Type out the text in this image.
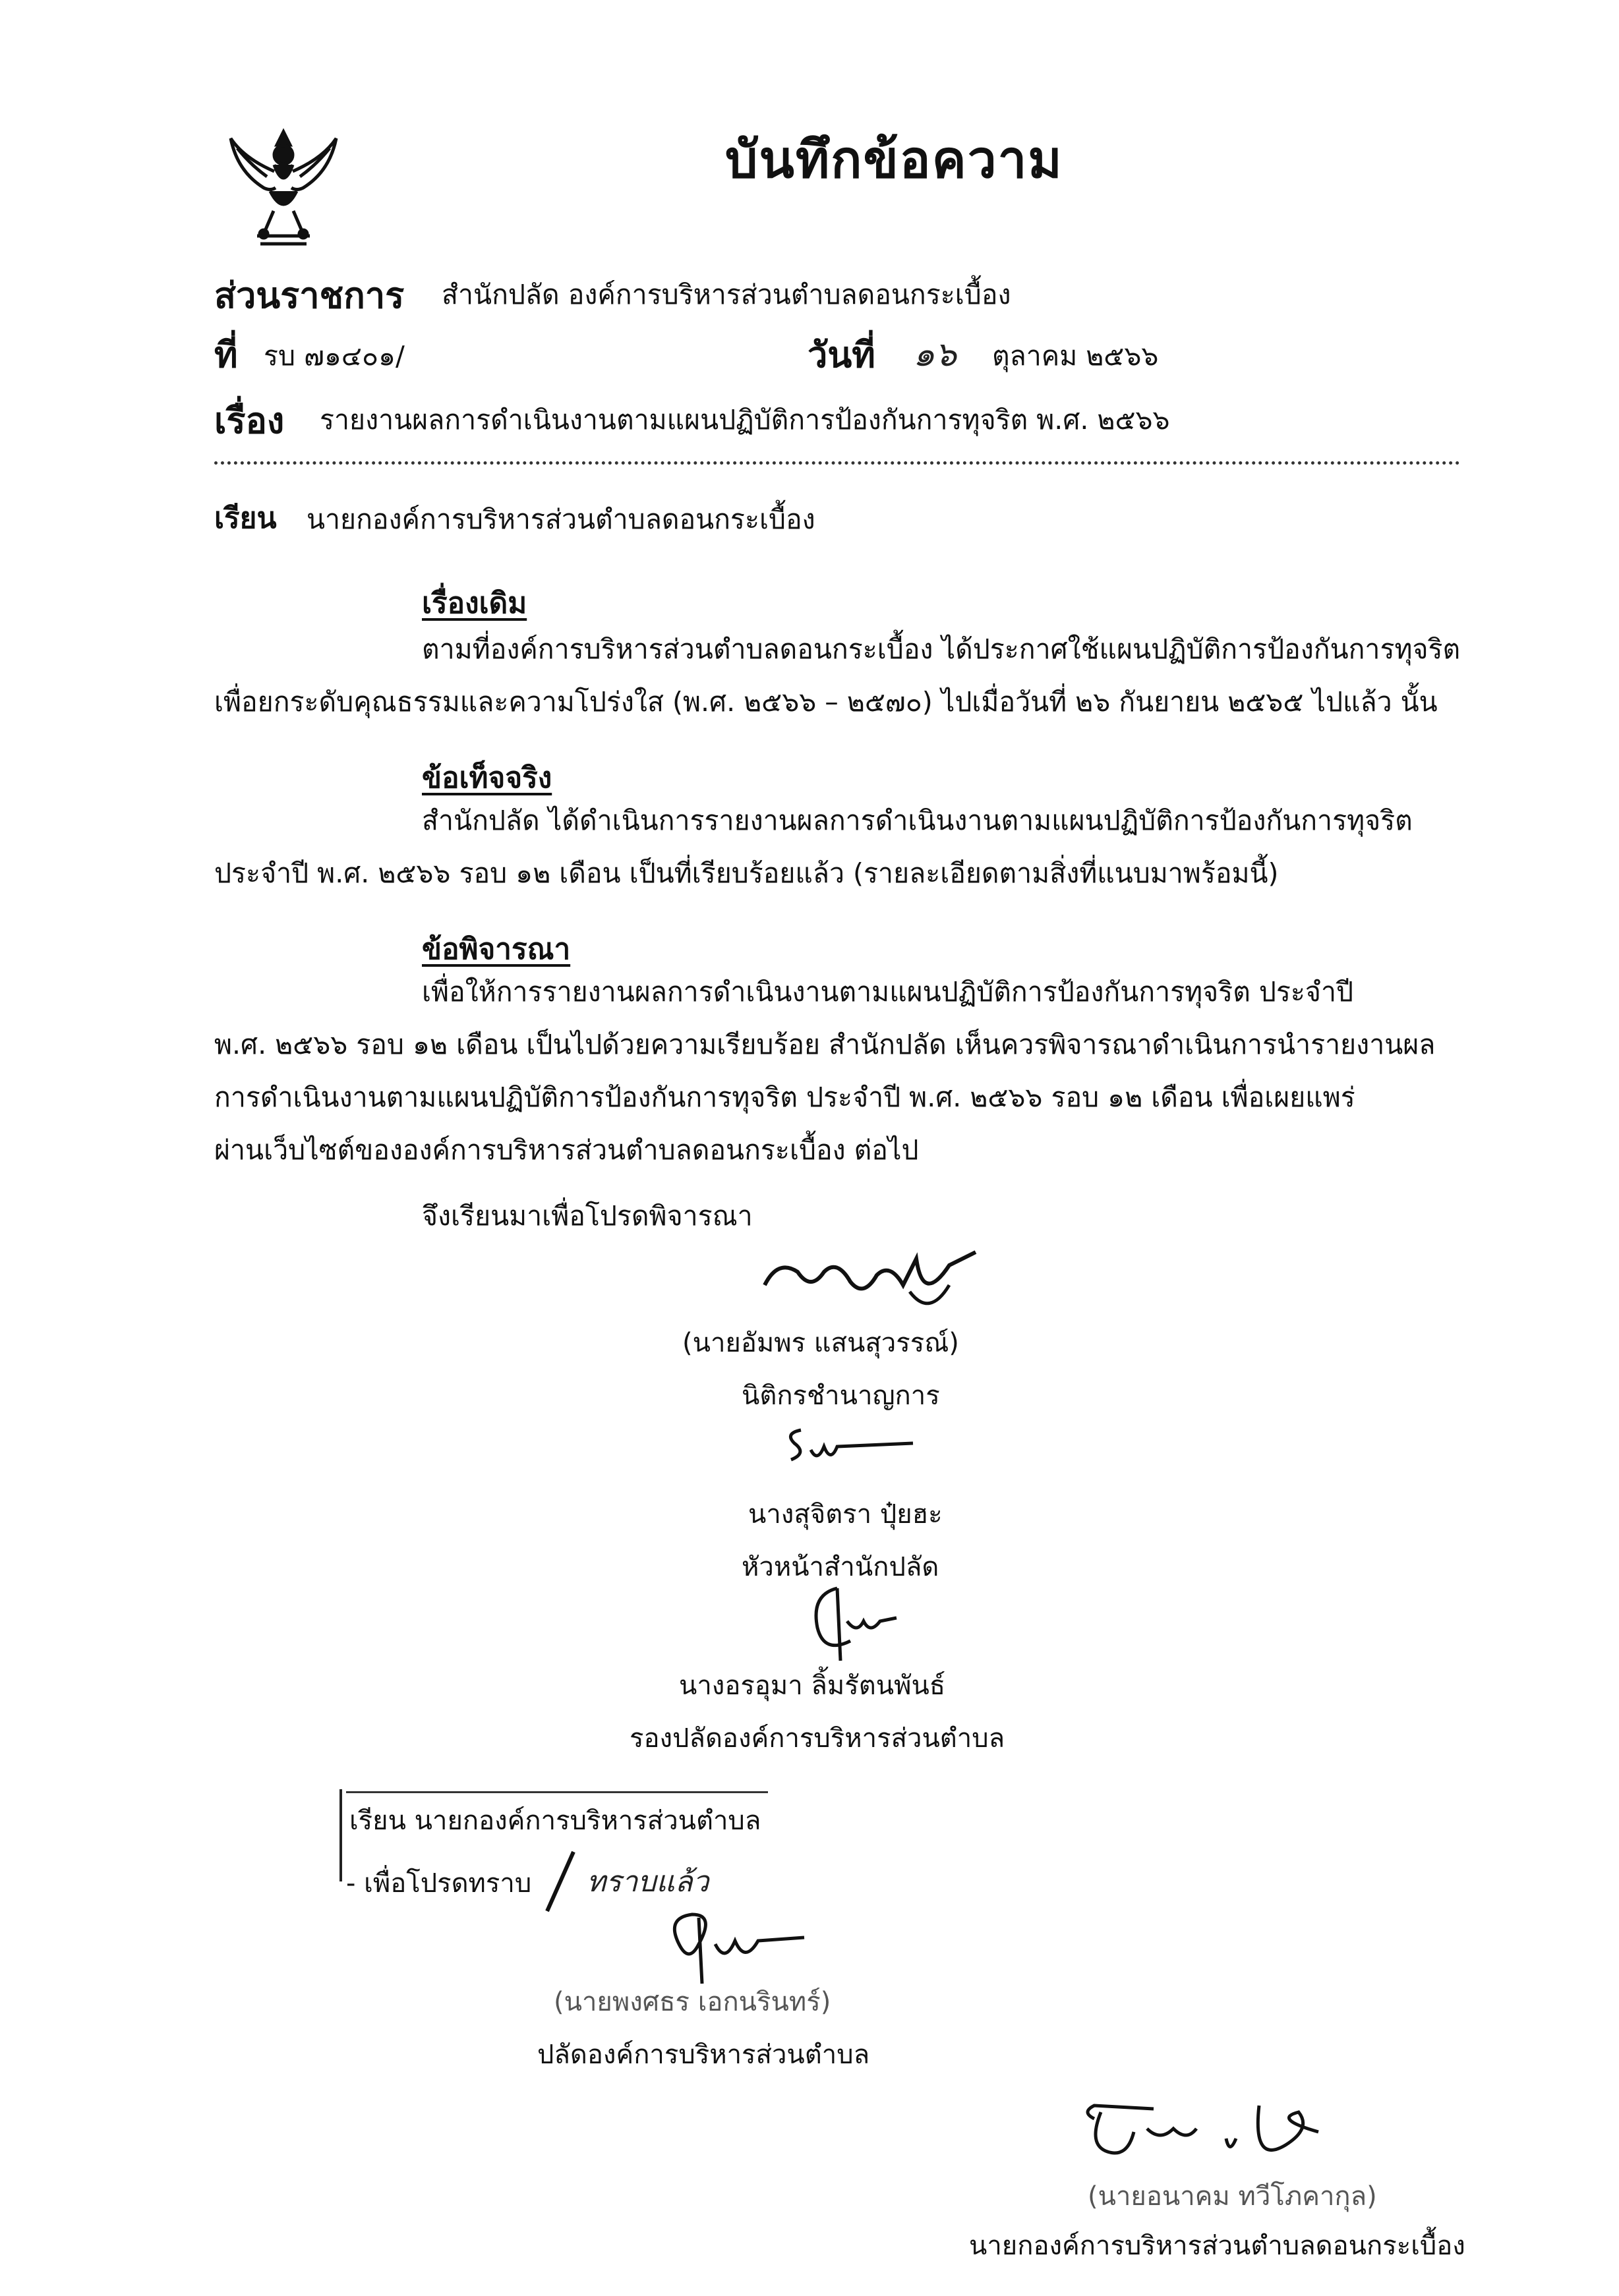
บันทึกข้อความ
ส่วนราชการ สำนักปลัด องค์การบริหารส่วนตำบลดอนกระเบื้อง
ที่ รบ ๗๑๔๐๑/	วันที่ ๑๖ ตุลาคม ๒๕๖๖
เรื่อง รายงานผลการดำเนินงานตามแผนปฏิบัติการป้องกันการทุจริต พ.ศ. ๒๕๖๖
เรียน นายกองค์การบริหารส่วนตำบลดอนกระเบื้อง
เรื่องเดิม
ตามที่องค์การบริหารส่วนตำบลดอนกระเบื้อง ได้ประกาศใช้แผนปฏิบัติการป้องกันการทุจริต
เพื่อยกระดับคุณธรรมและความโปร่งใส (พ.ศ. ๒๕๖๖ – ๒๕๗๐) ไปเมื่อวันที่ ๒๖ กันยายน ๒๕๖๕ ไปแล้ว นั้น
ข้อเท็จจริง
สำนักปลัด ได้ดำเนินการรายงานผลการดำเนินงานตามแผนปฏิบัติการป้องกันการทุจริต
ประจำปี พ.ศ. ๒๕๖๖ รอบ ๑๒ เดือน เป็นที่เรียบร้อยแล้ว (รายละเอียดตามสิ่งที่แนบมาพร้อมนี้)
ข้อพิจารณา
เพื่อให้การรายงานผลการดำเนินงานตามแผนปฏิบัติการป้องกันการทุจริต ประจำปี
พ.ศ. ๒๕๖๖ รอบ ๑๒ เดือน เป็นไปด้วยความเรียบร้อย สำนักปลัด เห็นควรพิจารณาดำเนินการนำรายงานผล
การดำเนินงานตามแผนปฏิบัติการป้องกันการทุจริต ประจำปี พ.ศ. ๒๕๖๖ รอบ ๑๒ เดือน เพื่อเผยแพร่
ผ่านเว็บไซต์ขององค์การบริหารส่วนตำบลดอนกระเบื้อง ต่อไป
จึงเรียนมาเพื่อโปรดพิจารณา
(นายอัมพร แสนสุวรรณ์)
นิติกรชำนาญการ
นางสุจิตรา ปุ๋ยฮะ
หัวหน้าสำนักปลัด
นางอรอุมา ลิ้มรัตนพันธ์
รองปลัดองค์การบริหารส่วนตำบล
เรียน นายกองค์การบริหารส่วนตำบล
- เพื่อโปรดทราบ ทราบแล้ว
(นายพงศธร เอกนรินทร์)
ปลัดองค์การบริหารส่วนตำบล
(นายอนาคม ทวีโภคากุล)
นายกองค์การบริหารส่วนตำบลดอนกระเบื้อง
